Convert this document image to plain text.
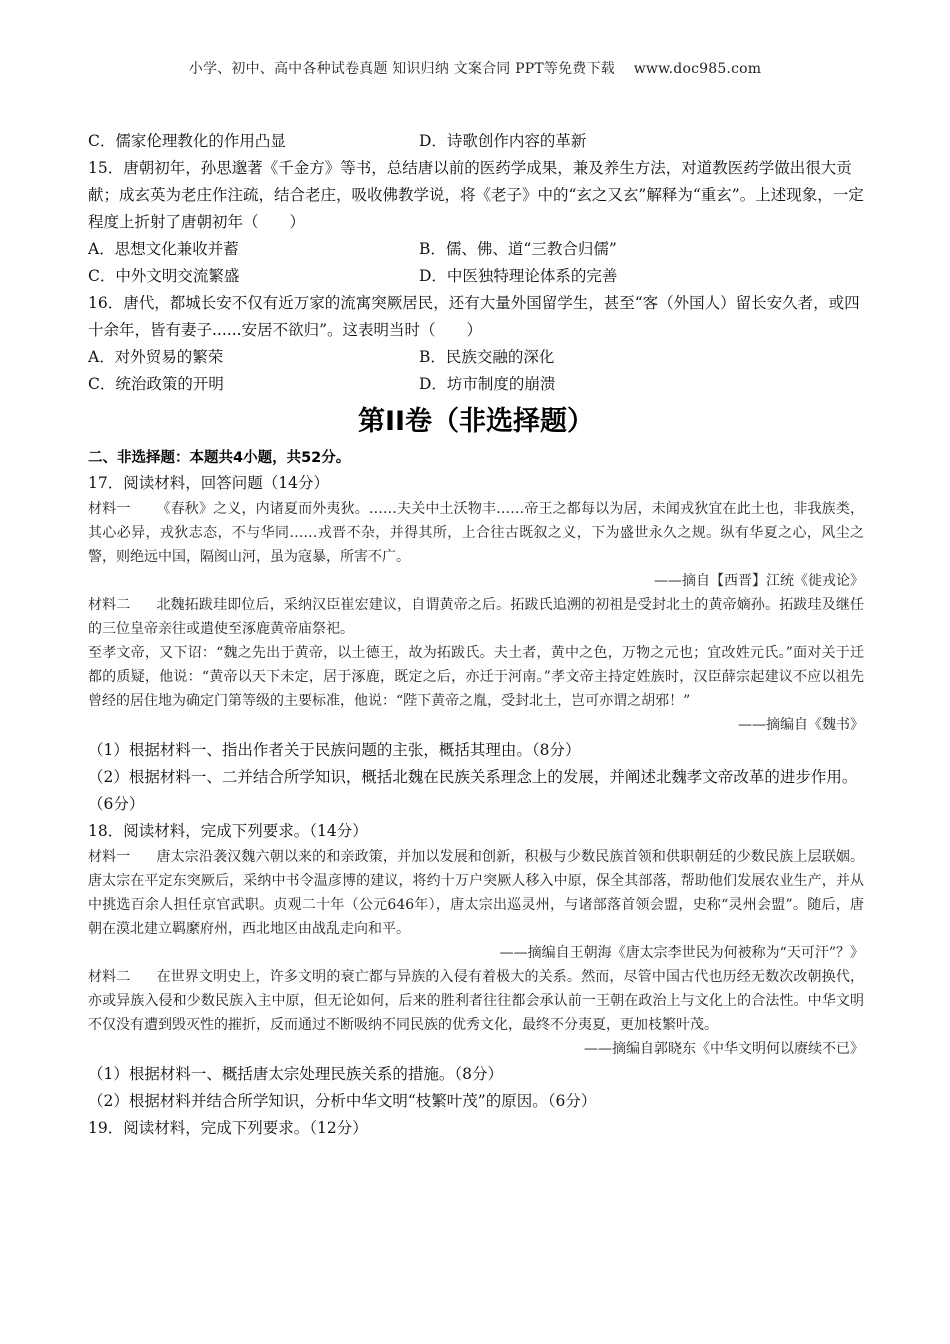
小学、初中、高中各种试卷真题 知识归纳 文案合同 PPT等免费下载　 www.doc985.com
C．儒家伦理教化的作用凸显	D．诗歌创作内容的革新

15．唐朝初年，孙思邈著《千金方》等书，总结唐以前的医药学成果，兼及养生方法，对道教医药学做出很大贡献；成玄英为老庄作注疏，结合老庄，吸收佛教学说，将《老子》中的“玄之又玄”解释为“重玄”。上述现象，一定程度上折射了唐朝初年（　　）

A．思想文化兼收并蓄	B．儒、佛、道“三教合归儒”
C．中外文明交流繁盛	D．中医独特理论体系的完善

16．唐代，都城长安不仅有近万家的流寓突厥居民，还有大量外国留学生，甚至“客（外国人）留长安久者，或四十余年，皆有妻子......安居不欲归”。这表明当时（　　）

A．对外贸易的繁荣	B．民族交融的深化
C．统治政策的开明	D．坊市制度的崩溃
第II卷（非选择题）

二、非选择题：本题共4小题，共52分。

17．阅读材料，回答问题（14分）

材料一 《春秋》之义，内诸夏而外夷狄。……夫关中土沃物丰……帝王之都每以为居，未闻戎狄宜在此土也，非我族类，其心必异，戎狄志态，不与华同……戎晋不杂，并得其所，上合往古既叙之义，下为盛世永久之规。纵有华夏之心，风尘之警，则绝远中国，隔阂山河，虽为寇暴，所害不广。

——摘自【西晋】江统《徙戎论》

材料二 北魏拓跋珪即位后，采纳汉臣崔宏建议，自谓黄帝之后。拓跋氏追溯的初祖是受封北土的黄帝嫡孙。拓跋珪及继任的三位皇帝亲往或遣使至涿鹿黄帝庙祭祀。

至孝文帝，又下诏：“魏之先出于黄帝，以土德王，故为拓跋氏。夫土者，黄中之色，万物之元也；宜改姓元氏。”面对关于迁都的质疑，他说：“黄帝以天下未定，居于涿鹿，既定之后，亦迁于河南。”孝文帝主持定姓族时，汉臣薛宗起建议不应以祖先曾经的居住地为确定门第等级的主要标准，他说：“陛下黄帝之胤，受封北土，岂可亦谓之胡邪！”

——摘编自《魏书》

（1）根据材料一、指出作者关于民族问题的主张，概括其理由。（8分）

（2）根据材料一、二并结合所学知识，概括北魏在民族关系理念上的发展，并阐述北魏孝文帝改革的进步作用。（6分）

18．阅读材料，完成下列要求。（14分）

材料一 唐太宗沿袭汉魏六朝以来的和亲政策，并加以发展和创新，积极与少数民族首领和供职朝廷的少数民族上层联姻。唐太宗在平定东突厥后，采纳中书令温彦博的建议，将约十万户突厥人移入中原，保全其部落，帮助他们发展农业生产，并从中挑选百余人担任京官武职。贞观二十年（公元646年），唐太宗出巡灵州，与诸部落首领会盟，史称“灵州会盟”。随后，唐朝在漠北建立羁縻府州，西北地区由战乱走向和平。

——摘编自王朝海《唐太宗李世民为何被称为“天可汗”？》

材料二 在世界文明史上，许多文明的衰亡都与异族的入侵有着极大的关系。然而，尽管中国古代也历经无数次改朝换代，亦或异族入侵和少数民族入主中原，但无论如何，后来的胜利者往往都会承认前一王朝在政治上与文化上的合法性。中华文明不仅没有遭到毁灭性的摧折，反而通过不断吸纳不同民族的优秀文化，最终不分夷夏，更加枝繁叶茂。

——摘编自郭晓东《中华文明何以赓续不已》

（1）根据材料一、概括唐太宗处理民族关系的措施。（8分）

（2）根据材料并结合所学知识，分析中华文明“枝繁叶茂”的原因。（6分）

19．阅读材料，完成下列要求。（12分）
